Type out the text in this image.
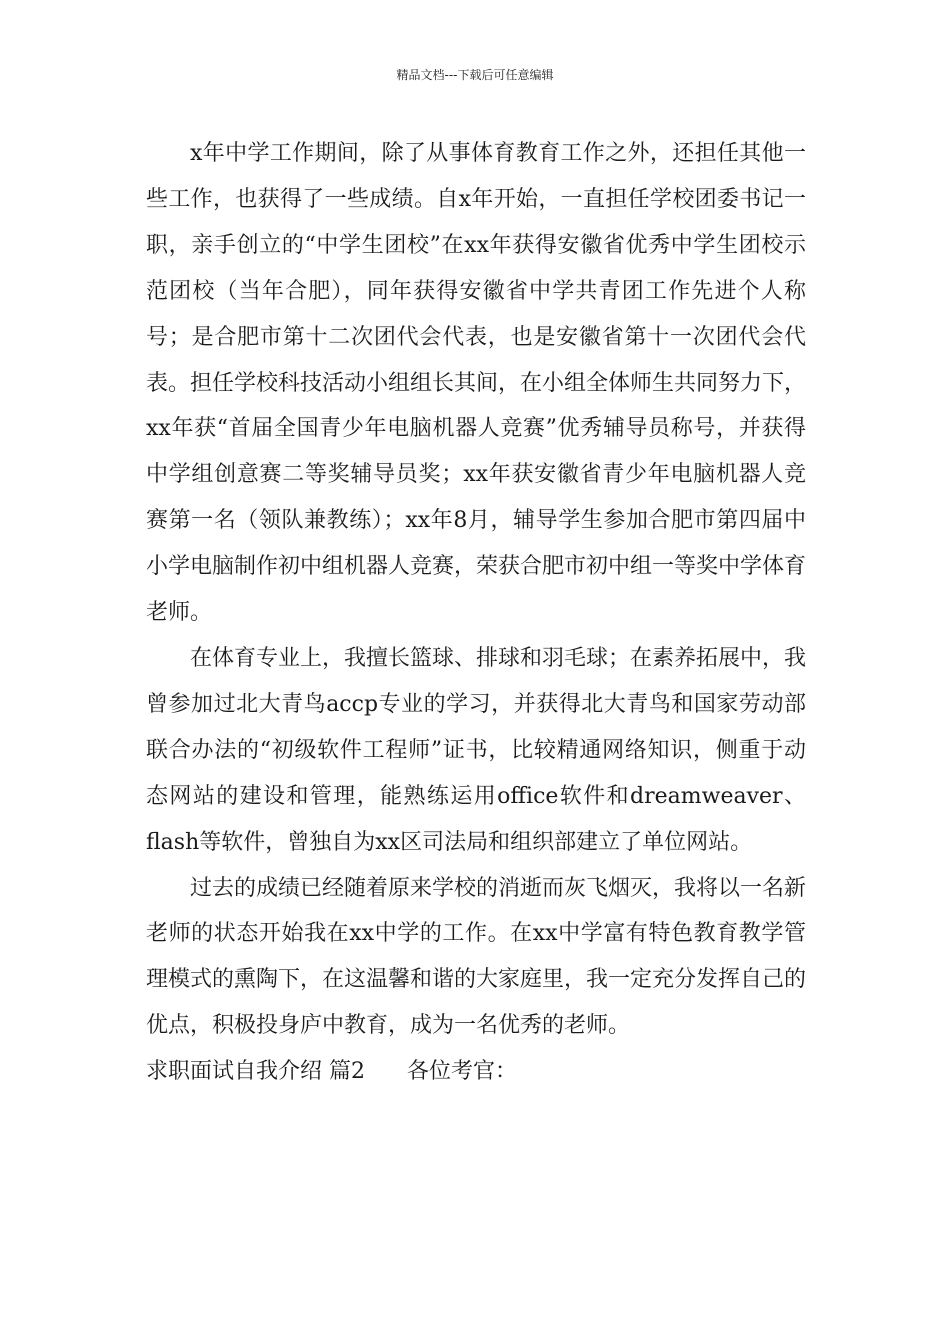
精品文档---下载后可任意编辑

x年中学工作期间，除了从事体育教育工作之外，还担任其他一些工作，也获得了一些成绩。自x年开始，一直担任学校团委书记一职，亲手创立的“中学生团校”在xx年获得安徽省优秀中学生团校示范团校（当年合肥），同年获得安徽省中学共青团工作先进个人称号；是合肥市第十二次团代会代表，也是安徽省第十一次团代会代表。担任学校科技活动小组组长其间，在小组全体师生共同努力下，xx年获“首届全国青少年电脑机器人竞赛”优秀辅导员称号，并获得中学组创意赛二等奖辅导员奖；xx年获安徽省青少年电脑机器人竞赛第一名（领队兼教练）；xx年8月，辅导学生参加合肥市第四届中小学电脑制作初中组机器人竞赛，荣获合肥市初中组一等奖中学体育老师。

在体育专业上，我擅长篮球、排球和羽毛球；在素养拓展中，我曾参加过北大青鸟accp专业的学习，并获得北大青鸟和国家劳动部联合办法的“初级软件工程师”证书，比较精通网络知识，侧重于动态网站的建设和管理，能熟练运用office软件和dreamweaver、flash等软件，曾独自为xx区司法局和组织部建立了单位网站。

过去的成绩已经随着原来学校的消逝而灰飞烟灭，我将以一名新老师的状态开始我在xx中学的工作。在xx中学富有特色教育教学管理模式的熏陶下，在这温馨和谐的大家庭里，我一定充分发挥自己的优点，积极投身庐中教育，成为一名优秀的老师。

求职面试自我介绍 篇2 各位考官：
